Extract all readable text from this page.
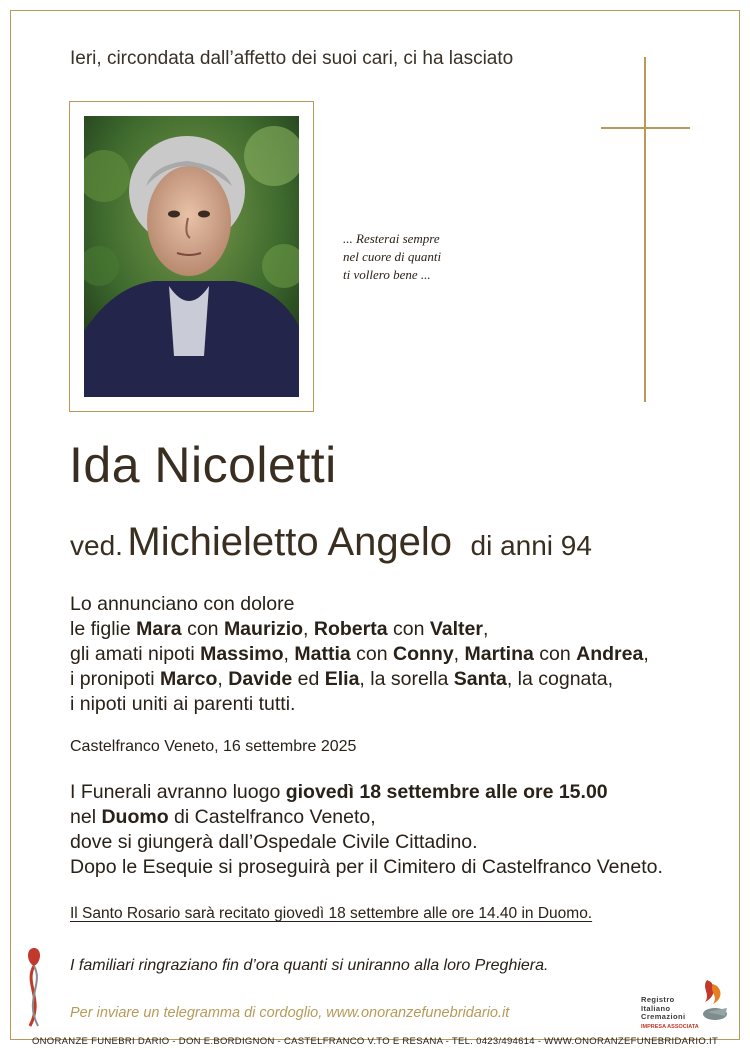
Ieri, circondata dall’affetto dei suoi cari, ci ha lasciato
... Resterai sempre
nel cuore di quanti
ti vollero bene ...
Ida Nicoletti
ved. Michieletto Angelo di anni 94
Lo annunciano con dolore
le figlie Mara con Maurizio, Roberta con Valter,
gli amati nipoti Massimo, Mattia con Conny, Martina con Andrea,
i pronipoti Marco, Davide ed Elia, la sorella Santa, la cognata,
i nipoti uniti ai parenti tutti.
Castelfranco Veneto, 16 settembre 2025
I Funerali avranno luogo giovedì 18 settembre alle ore 15.00
nel Duomo di Castelfranco Veneto,
dove si giungerà dall’Ospedale Civile Cittadino.
Dopo le Esequie si proseguirà per il Cimitero di Castelfranco Veneto.
Il Santo Rosario sarà recitato giovedì 18 settembre alle ore 14.40 in Duomo.
I familiari ringraziano fin d’ora quanti si uniranno alla loro Preghiera.
Per inviare un telegramma di cordoglio, www.onoranzefunebridario.it
Registro
Italiano
Cremazioni
IMPRESA ASSOCIATA
ONORANZE FUNEBRI DARIO - DON E.BORDIGNON - CASTELFRANCO V.TO E RESANA - TEL. 0423/494614 - WWW.ONORANZEFUNEBRIDARIO.IT
